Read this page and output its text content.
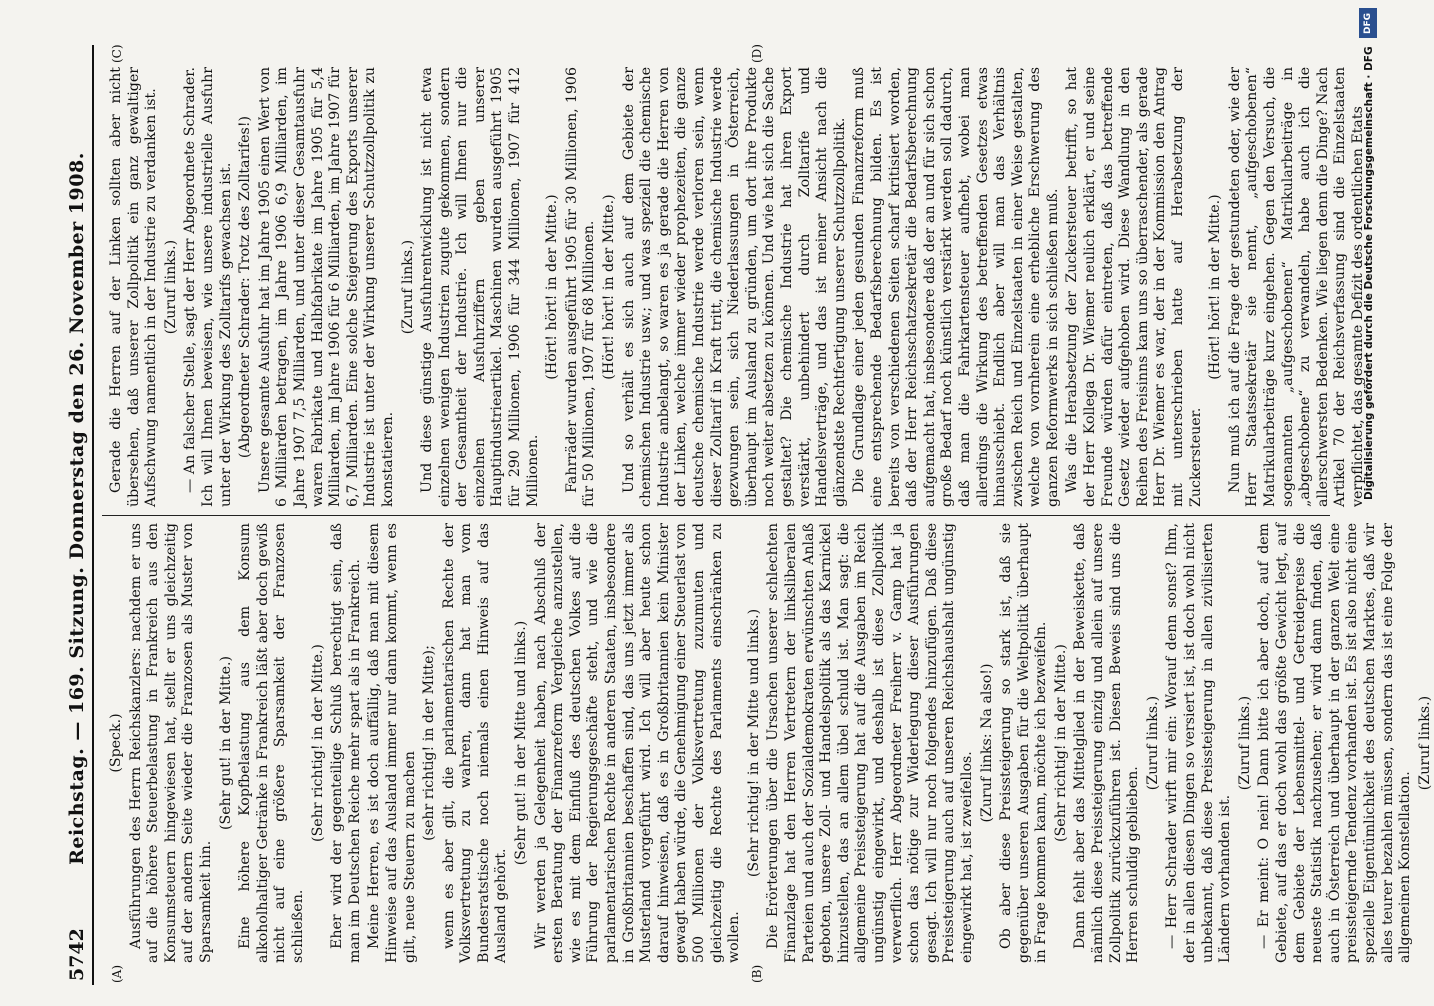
5742
Reichstag. — 169. Sitzung. Donnerstag den 26. November 1908.
(A)	(B)
(C)	(D)

(Speck.) Ausführungen des Herrn Reichskanzlers: nachdem er uns auf die höhere Steuerbelastung in Frankreich aus den Konsumsteuern hingewiesen hat, stellt er uns gleichzeitig auf der andern Seite wieder die Franzosen als Muster von Sparsamkeit hin.

(Sehr gut! in der Mitte.) Eine höhere Kopfbelastung aus dem Konsum alkoholhaltiger Getränke in Frankreich läßt aber doch gewiß nicht auf eine größere Sparsamkeit der Franzosen schließen.

(Sehr richtig! in der Mitte.) Eher wird der gegenteilige Schluß berechtigt sein, daß man im Deutschen Reiche mehr spart als in Frankreich. Meine Herren, es ist doch auffällig, daß man mit diesem Hinweise auf das Ausland immer nur dann kommt, wenn es gilt, neue Steuern zu machen

(sehr richtig! in der Mitte); wenn es aber gilt, die parlamentarischen Rechte der Volksvertretung zu wahren, dann hat man vom Bundesratstische noch niemals einen Hinweis auf das Ausland gehört.

(Sehr gut! in der Mitte und links.) Wir werden ja Gelegenheit haben, nach Abschluß der ersten Beratung der Finanzreform Vergleiche anzustellen, wie es mit dem Einfluß des deutschen Volkes auf die Führung der Regierungsgeschäfte steht, und wie die parlamentarischen Rechte in anderen Staaten, insbesondere in Großbritannien beschaffen sind, das uns jetzt immer als Musterland vorgeführt wird. Ich will aber heute schon darauf hinweisen, daß es in Großbritannien kein Minister gewagt haben würde, die Genehmigung einer Steuerlast von 500 Millionen der Volksvertretung zuzumuten und gleichzeitig die Rechte des Parlaments einschränken zu wollen.

(Sehr richtig! in der Mitte und links.) Die Erörterungen über die Ursachen unserer schlechten Finanzlage hat den Herren Vertretern der linksliberalen Parteien und auch der Sozialdemokraten erwünschten Anlaß geboten, unsere Zoll- und Handelspolitik als das Karnickel hinzustellen, das an allem übel schuld ist. Man sagt: die allgemeine Preissteigerung hat auf die Ausgaben im Reich ungünstig eingewirkt, und deshalb ist diese Zollpolitik verwerflich. Herr Abgeordneter Freiherr v. Gamp hat ja schon das nötige zur Widerlegung dieser Ausführungen gesagt. Ich will nur noch folgendes hinzufügen. Daß diese Preissteigerung auch auf unseren Reichshaushalt ungünstig eingewirkt hat, ist zweifellos.

(Zuruf links: Na also!) Ob aber diese Preissteigerung so stark ist, daß sie gegenüber unseren Ausgaben für die Weltpolitik überhaupt in Frage kommen kann, möchte ich bezweifeln. (Sehr richtig! in der Mitte.) Dann fehlt aber das Mittelglied in der Beweiskette, daß nämlich diese Preissteigerung einzig und allein auf unsere Zollpolitik zurückzuführen ist. Diesen Beweis sind uns die Herren schuldig geblieben.

(Zuruf links.) — Herr Schrader wirft mir ein: Worauf denn sonst? Ihm, der in allen diesen Dingen so versiert ist, ist doch wohl nicht unbekannt, daß diese Preissteigerung in allen zivilisierten Ländern vorhanden ist.

(Zuruf links.) — Er meint: O nein! Dann bitte ich aber doch, auf dem Gebiete, auf das er doch wohl das größte Gewicht legt, auf dem Gebiete der Lebensmittel- und Getreidepreise die neueste Statistik nachzusehen; er wird dann finden, daß auch in Österreich und überhaupt in der ganzen Welt eine preissteigernde Tendenz vorhanden ist. Es ist also nicht eine spezielle Eigentümlichkeit des deutschen Marktes, daß wir alles teurer bezahlen müssen, sondern das ist eine Folge der allgemeinen Konstellation.

(Zuruf links.)

Gerade die Herren auf der Linken sollten aber nicht übersehen, daß unserer Zollpolitik ein ganz gewaltiger Aufschwung namentlich in der Industrie zu verdanken ist. (Zuruf links.) — An falscher Stelle, sagt der Herr Abgeordnete Schrader. Ich will Ihnen beweisen, wie unsere industrielle Ausfuhr unter der Wirkung des Zolltarifs gewachsen ist. (Abgeordneter Schrader: Trotz des Zolltarifes!) Unsere gesamte Ausfuhr hat im Jahre 1905 einen Wert von 6 Milliarden betragen, im Jahre 1906 6,9 Milliarden, im Jahre 1907 7,5 Milliarden, und unter dieser Gesamtausfuhr waren Fabrikate und Halbfabrikate im Jahre 1905 für 5,4 Milliarden, im Jahre 1906 für 6 Milliarden, im Jahre 1907 für 6,7 Milliarden. Eine solche Steigerung des Exports unserer Industrie ist unter der Wirkung unserer Schutzzollpolitik zu konstatieren.

(Zuruf links.) Und diese günstige Ausfuhrentwicklung ist nicht etwa einzelnen wenigen Industrien zugute gekommen, sondern der Gesamtheit der Industrie. Ich will Ihnen nur die einzelnen Ausfuhrziffern geben unserer Hauptindustrieartikel. Maschinen wurden ausgeführt 1905 für 290 Millionen, 1906 für 344 Millionen, 1907 für 412 Millionen.

(Hört! hört! in der Mitte.) Fahrräder wurden ausgeführt 1905 für 30 Millionen, 1906 für 50 Millionen, 1907 für 68 Millionen. (Hört! hört! in der Mitte.) Und so verhält es sich auch auf dem Gebiete der chemischen Industrie usw.; und was speziell die chemische Industrie anbelangt, so waren es ja gerade die Herren von der Linken, welche immer wieder prophezeiten, die ganze deutsche chemische Industrie werde verloren sein, wenn dieser Zolltarif in Kraft tritt, die chemische Industrie werde gezwungen sein, sich Niederlassungen in Österreich, überhaupt im Ausland zu gründen, um dort ihre Produkte noch weiter absetzen zu können. Und wie hat sich die Sache gestaltet? Die chemische Industrie hat ihren Export verstärkt, unbehindert durch Zolltarife und Handelsverträge, und das ist meiner Ansicht nach die glänzendste Rechtfertigung unserer Schutzzollpolitik. Die Grundlage einer jeden gesunden Finanzreform muß eine entsprechende Bedarfsberechnung bilden. Es ist bereits von verschiedenen Seiten scharf kritisiert worden, daß der Herr Reichsschatzsekretär die Bedarfsberechnung aufgemacht hat, insbesondere daß der an und für sich schon große Bedarf noch künstlich verstärkt werden soll dadurch, daß man die Fahrkartensteuer aufhebt, wobei man allerdings die Wirkung des betreffenden Gesetzes etwas hinausschiebt. Endlich aber will man das Verhältnis zwischen Reich und Einzelstaaten in einer Weise gestalten, welche von vornherein eine erhebliche Erschwerung des ganzen Reformwerks in sich schließen muß. Was die Herabsetzung der Zuckersteuer betrifft, so hat der Herr Kollega Dr. Wiemer neulich erklärt, er und seine Freunde würden dafür eintreten, daß das betreffende Gesetz wieder aufgehoben wird. Diese Wandlung in den Reihen des Freisinns kam uns so überraschender, als gerade Herr Dr. Wiemer es war, der in der Kommission den Antrag mit unterschrieben hatte auf Herabsetzung der Zuckersteuer.

(Hört! hört! in der Mitte.) Nun muß ich auf die Frage der gestundeten oder, wie der Herr Staatssekretär sie nennt, „aufgeschobenen“ Matrikularbeiträge kurz eingehen. Gegen den Versuch, die sogenannten „aufgeschobenen“ Matrikularbeiträge in „abgeschobene“ zu verwandeln, habe auch ich die allerschwersten Bedenken. Wie liegen denn die Dinge? Nach Artikel 70 der Reichsverfassung sind die Einzelstaaten verpflichtet, das gesamte Defizit des ordentlichen Etats

DFG
Digitalisierung gefördert durch die Deutsche Forschungsgemeinschaft · DFG
